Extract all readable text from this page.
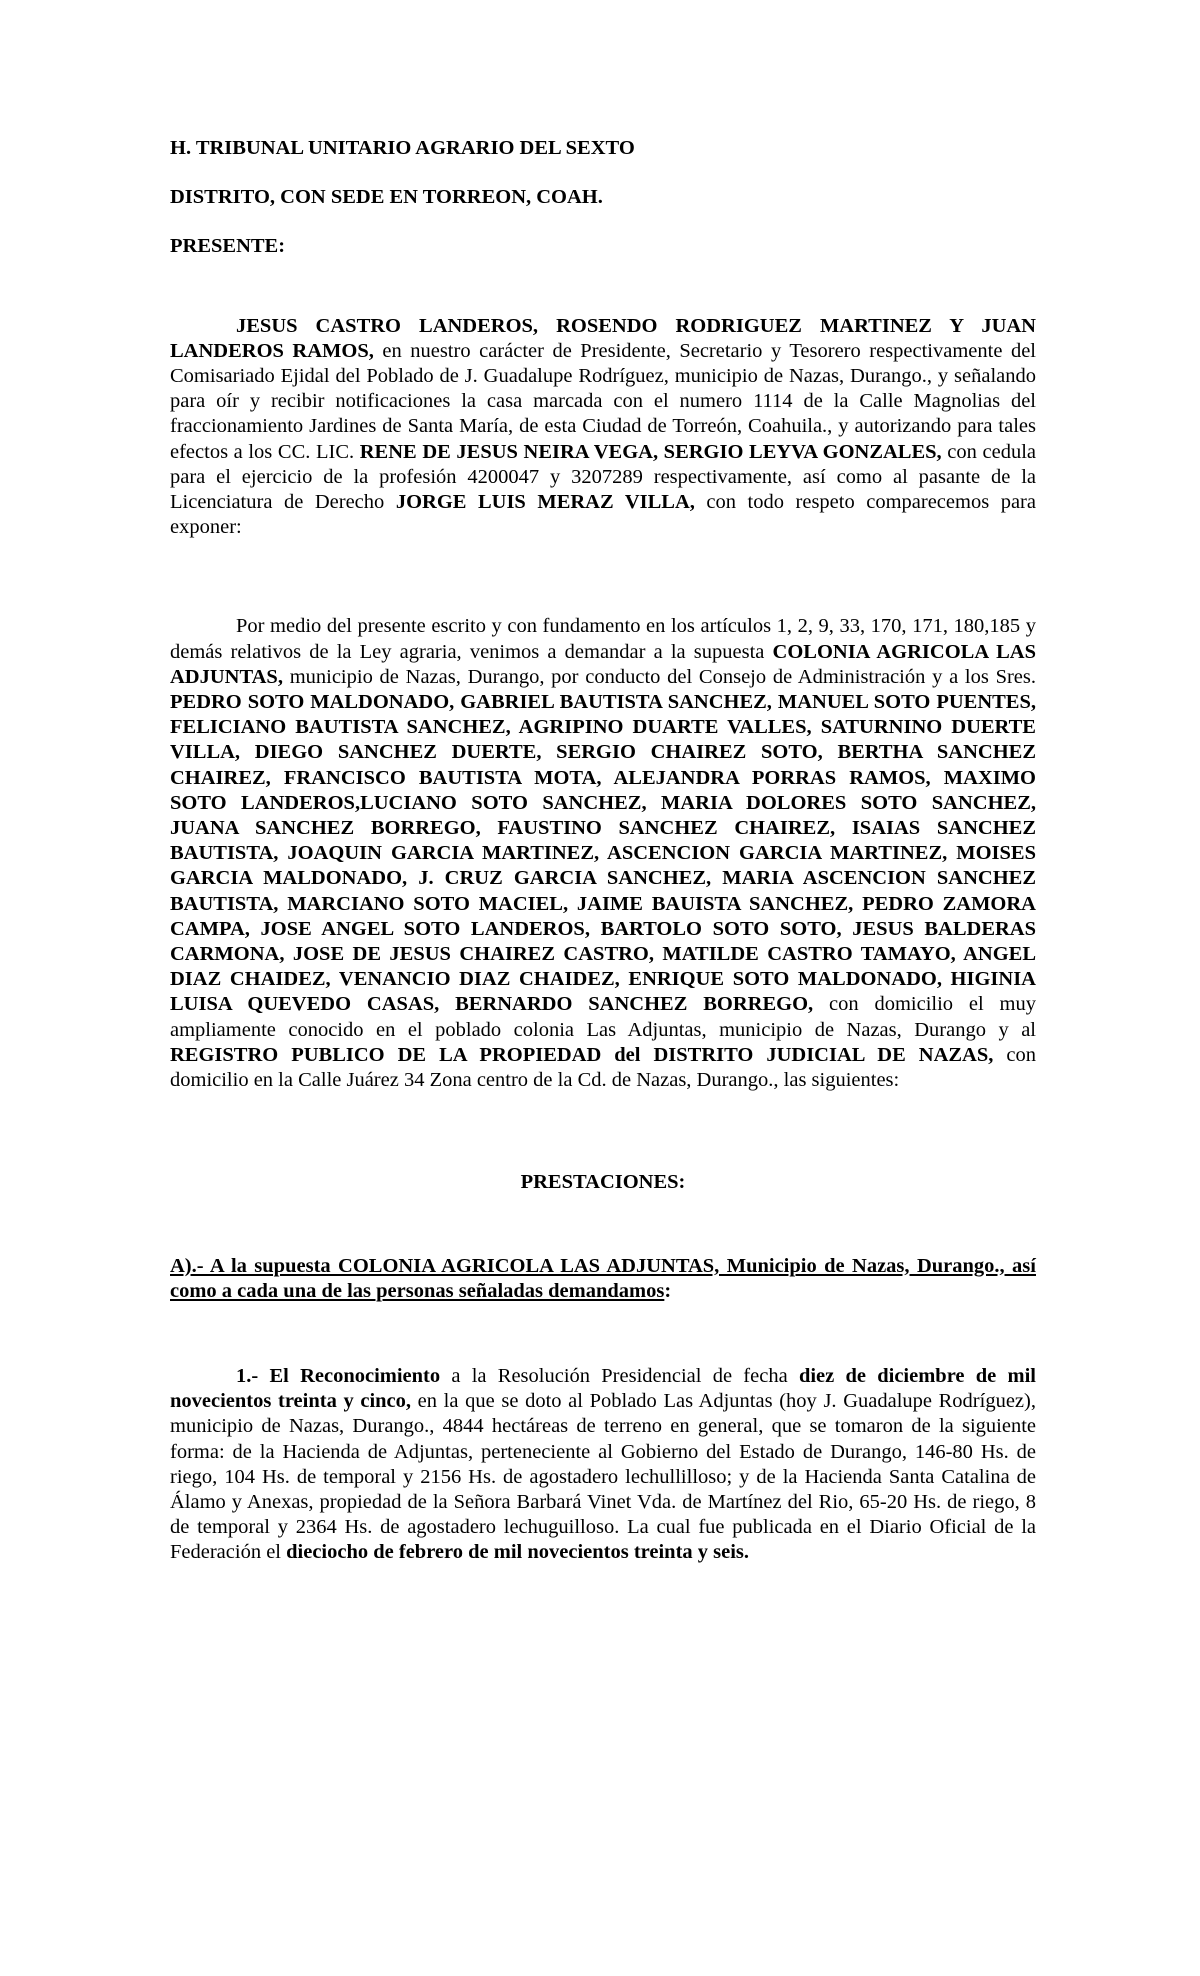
H. TRIBUNAL UNITARIO AGRARIO DEL SEXTO

DISTRITO, CON SEDE EN TORREON, COAH.

PRESENTE:

JESUS CASTRO LANDEROS, ROSENDO RODRIGUEZ MARTINEZ Y JUAN LANDEROS RAMOS, en nuestro carácter de Presidente, Secretario y Tesorero respectivamente del Comisariado Ejidal del Poblado de J. Guadalupe Rodríguez, municipio de Nazas, Durango., y señalando para oír y recibir notificaciones la casa marcada con el numero 1114 de la Calle Magnolias del fraccionamiento Jardines de Santa María, de esta Ciudad de Torreón, Coahuila., y autorizando para tales efectos a los CC. LIC. RENE DE JESUS NEIRA VEGA, SERGIO LEYVA GONZALES, con cedula para el ejercicio de la profesión 4200047 y 3207289 respectivamente, así como al pasante de la Licenciatura de Derecho JORGE LUIS MERAZ VILLA, con todo respeto comparecemos para exponer:

Por medio del presente escrito y con fundamento en los artículos 1, 2, 9, 33, 170, 171, 180,185 y demás relativos de la Ley agraria, venimos a demandar a la supuesta COLONIA AGRICOLA LAS ADJUNTAS, municipio de Nazas, Durango, por conducto del Consejo de Administración y a los Sres. PEDRO SOTO MALDONADO, GABRIEL BAUTISTA SANCHEZ, MANUEL SOTO PUENTES, FELICIANO BAUTISTA SANCHEZ, AGRIPINO DUARTE VALLES, SATURNINO DUERTE VILLA, DIEGO SANCHEZ DUERTE, SERGIO CHAIREZ SOTO, BERTHA SANCHEZ CHAIREZ, FRANCISCO BAUTISTA MOTA, ALEJANDRA PORRAS RAMOS, MAXIMO SOTO LANDEROS,LUCIANO SOTO SANCHEZ, MARIA DOLORES SOTO SANCHEZ, JUANA SANCHEZ BORREGO, FAUSTINO SANCHEZ CHAIREZ, ISAIAS SANCHEZ BAUTISTA, JOAQUIN GARCIA MARTINEZ, ASCENCION GARCIA MARTINEZ, MOISES GARCIA MALDONADO, J. CRUZ GARCIA SANCHEZ, MARIA ASCENCION SANCHEZ BAUTISTA, MARCIANO SOTO MACIEL, JAIME BAUISTA SANCHEZ, PEDRO ZAMORA CAMPA, JOSE ANGEL SOTO LANDEROS, BARTOLO SOTO SOTO, JESUS BALDERAS CARMONA, JOSE DE JESUS CHAIREZ CASTRO, MATILDE CASTRO TAMAYO, ANGEL DIAZ CHAIDEZ, VENANCIO DIAZ CHAIDEZ, ENRIQUE SOTO MALDONADO, HIGINIA LUISA QUEVEDO CASAS, BERNARDO SANCHEZ BORREGO, con domicilio el muy ampliamente conocido en el poblado colonia Las Adjuntas, municipio de Nazas, Durango y al REGISTRO PUBLICO DE LA PROPIEDAD del DISTRITO JUDICIAL DE NAZAS, con domicilio en la Calle Juárez 34 Zona centro de la Cd. de Nazas, Durango., las siguientes:

PRESTACIONES:

A).- A la supuesta COLONIA AGRICOLA LAS ADJUNTAS, Municipio de Nazas, Durango., así como a cada una de las personas señaladas demandamos:

1.- El Reconocimiento a la Resolución Presidencial de fecha diez de diciembre de mil novecientos treinta y cinco, en la que se doto al Poblado Las Adjuntas (hoy J. Guadalupe Rodríguez), municipio de Nazas, Durango., 4844 hectáreas de terreno en general, que se tomaron de la siguiente forma: de la Hacienda de Adjuntas, perteneciente al Gobierno del Estado de Durango, 146-80 Hs. de riego, 104 Hs. de temporal y 2156 Hs. de agostadero lechullilloso; y de la Hacienda Santa Catalina de Álamo y Anexas, propiedad de la Señora Barbará Vinet Vda. de Martínez del Rio, 65-20 Hs. de riego, 8 de temporal y 2364 Hs. de agostadero lechuguilloso. La cual fue publicada en el Diario Oficial de la Federación el dieciocho de febrero de mil novecientos treinta y seis.
